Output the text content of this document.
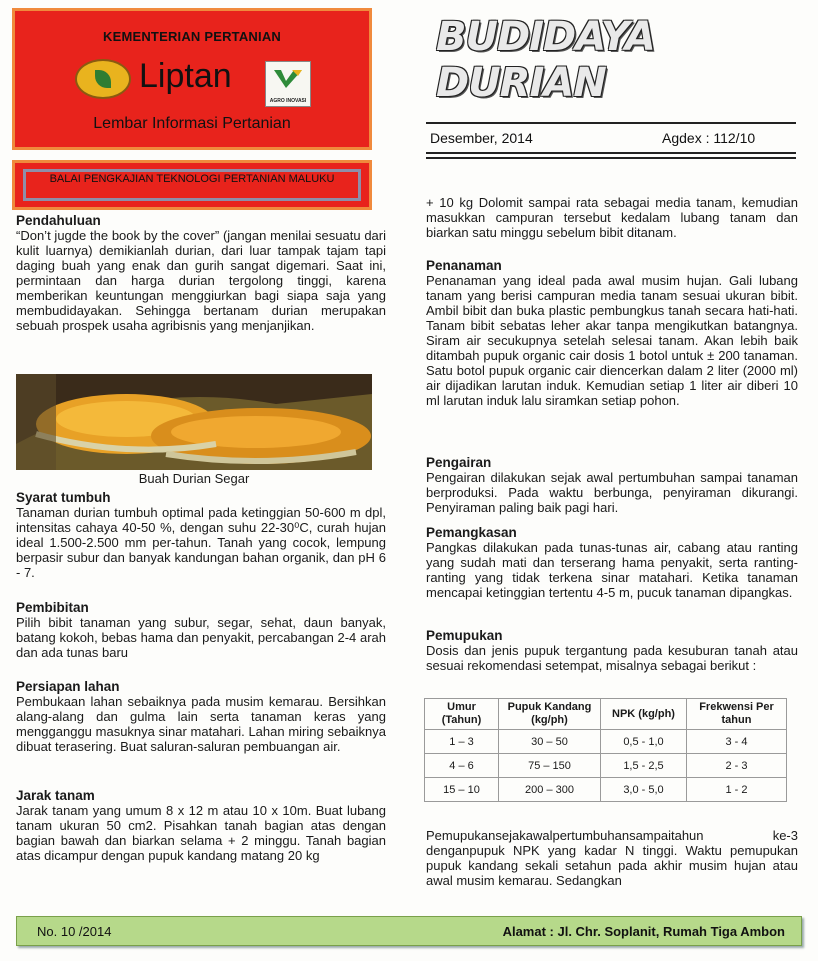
KEMENTERIAN PERTANIAN
Liptan
AGRO INOVASI
Lembar Informasi Pertanian
BALAI PENGKAJIAN TEKNOLOGI PERTANIAN MALUKU
BUDIDAYA DURIAN
Desember, 2014	Agdex : 112/10
Pendahuluan
“Don’t jugde the book by the cover” (jangan menilai sesuatu dari kulit luarnya) demikianlah durian, dari luar tampak tajam tapi daging buah yang enak dan gurih sangat digemari. Saat ini, permintaan dan harga durian tergolong tinggi, karena memberikan keuntungan menggiurkan bagi siapa saja yang membudidayakan. Sehingga bertanam durian merupakan sebuah prospek usaha agribisnis yang menjanjikan.
Buah Durian Segar
Syarat tumbuh
Tanaman durian tumbuh optimal pada ketinggian 50-600 m dpl, intensitas cahaya 40-50 %, dengan suhu 22-30⁰C, curah hujan ideal 1.500-2.500 mm per-tahun. Tanah yang cocok, lempung berpasir subur dan banyak kandungan bahan organik, dan pH 6 - 7.
Pembibitan
Pilih bibit tanaman yang subur, segar, sehat, daun banyak, batang kokoh, bebas hama dan penyakit, percabangan 2-4 arah dan ada tunas baru
Persiapan lahan
Pembukaan lahan sebaiknya pada musim kemarau. Bersihkan alang-alang dan gulma lain serta tanaman keras yang mengganggu masuknya sinar matahari. Lahan miring sebaiknya dibuat terasering. Buat saluran-saluran pembuangan air.
Jarak tanam
Jarak tanam yang umum 8 x 12 m atau 10 x 10m. Buat lubang tanam ukuran 50 cm2. Pisahkan tanah bagian atas dengan bagian bawah dan biarkan selama + 2 minggu. Tanah bagian atas dicampur dengan pupuk kandang matang 20 kg
+ 10 kg Dolomit sampai rata sebagai media tanam, kemudian masukkan campuran tersebut kedalam lubang tanam dan biarkan satu minggu sebelum bibit ditanam.
Penanaman
Penanaman yang ideal pada awal musim hujan. Gali lubang tanam yang berisi campuran media tanam sesuai ukuran bibit. Ambil bibit dan buka plastic pembungkus tanah secara hati-hati. Tanam bibit sebatas leher akar tanpa mengikutkan batangnya. Siram air secukupnya setelah selesai tanam. Akan lebih baik ditambah pupuk organic cair dosis 1 botol untuk ± 200 tanaman. Satu botol pupuk organic cair diencerkan dalam 2 liter (2000 ml) air dijadikan larutan induk. Kemudian setiap 1 liter air diberi 10 ml larutan induk lalu siramkan setiap pohon.
Pengairan
Pengairan dilakukan sejak awal pertumbuhan sampai tanaman berproduksi. Pada waktu berbunga, penyiraman dikurangi. Penyiraman paling baik pagi hari.
Pemangkasan
Pangkas dilakukan pada tunas-tunas air, cabang atau ranting yang sudah mati dan terserang hama penyakit, serta ranting-ranting yang tidak terkena sinar matahari. Ketika tanaman mencapai ketinggian tertentu 4-5 m, pucuk tanaman dipangkas.
Pemupukan
Dosis dan jenis pupuk tergantung pada kesuburan tanah atau sesuai rekomendasi setempat, misalnya sebagai berikut :
Umur (Tahun)	Pupuk Kandang (kg/ph)	NPK (kg/ph)	Frekwensi Per tahun
1 – 3	30 – 50	0,5 - 1,0	3 - 4
4 – 6	75 – 150	1,5 - 2,5	2 - 3
15 – 10	200 – 300	3,0 - 5,0	1 - 2
Pemupukansejakawalpertumbuhansampaitahun ke-3 denganpupuk NPK yang kadar N tinggi. Waktu pemupukan pupuk kandang sekali setahun pada akhir musim hujan atau awal musim kemarau. Sedangkan
No. 10 /2014	Alamat : Jl. Chr. Soplanit, Rumah Tiga Ambon
